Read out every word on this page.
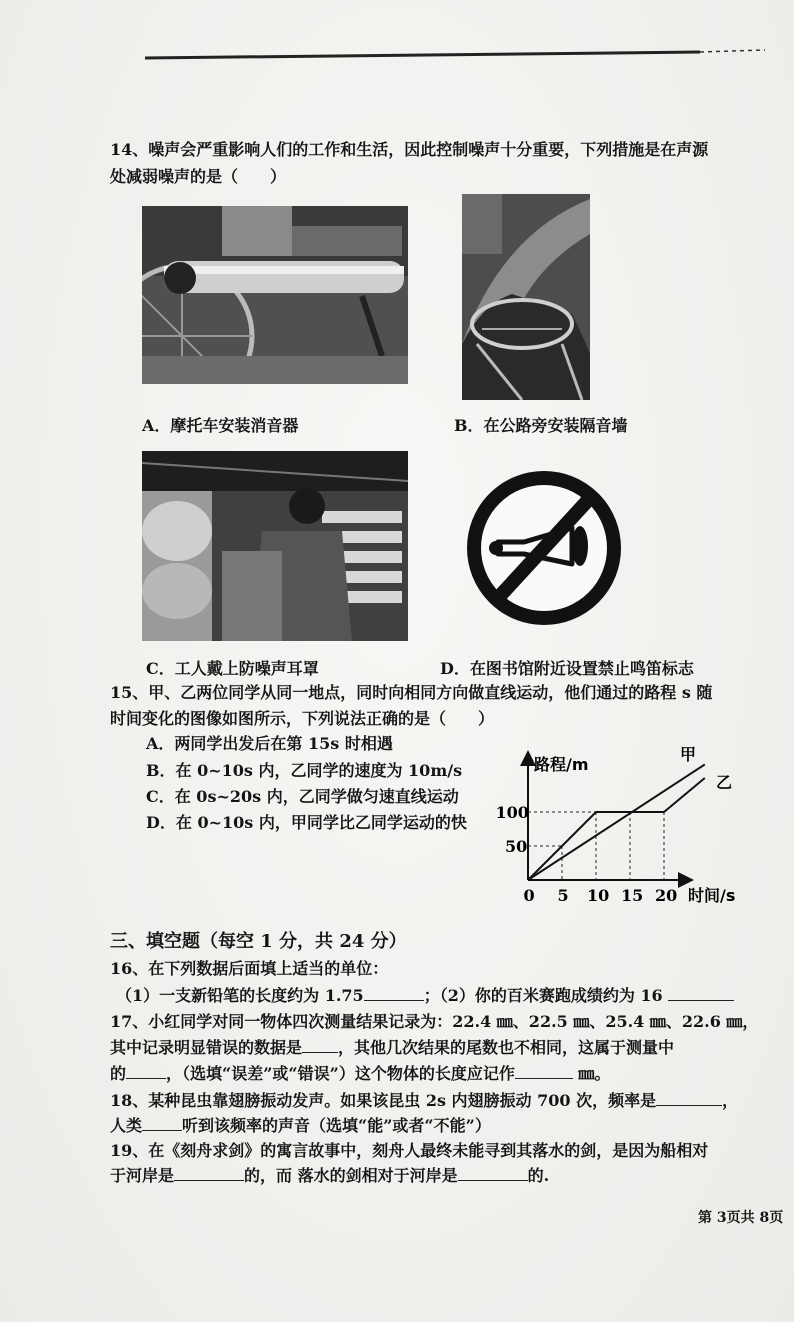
14、噪声会严重影响人们的工作和生活，因此控制噪声十分重要，下列措施是在声源
处减弱噪声的是（　　）
A．摩托车安装消音器	B．在公路旁安装隔音墙
C．工人戴上防噪声耳罩	D．在图书馆附近设置禁止鸣笛标志
15、甲、乙两位同学从同一地点，同时向相同方向做直线运动，他们通过的路程 s 随
时间变化的图像如图所示，下列说法正确的是（　　）
A．两同学出发后在第 15s 时相遇
B．在 0~10s 内，乙同学的速度为 10m/s
C．在 0s~20s 内，乙同学做匀速直线运动
D．在 0~10s 内，甲同学比乙同学运动的快
0 5 10 15 20
50
100
路程/m
时间/s
甲
乙
三、填空题（每空 1 分，共 24 分）
16、在下列数据后面填上适当的单位：
（1）一支新铅笔的长度约为 1.75	；（2）你的百米赛跑成绩约为 16
17、小红同学对同一物体四次测量结果记录为：22.4 ㎜、22.5 ㎜、25.4 ㎜、22.6 ㎜，
其中记录明显错误的数据是 ，其他几次结果的尾数也不相同，这属于测量中
的	，（选填“误差”或“错误”）这个物体的长度应记作	㎜。
18、某种昆虫靠翅膀振动发声。如果该昆虫 2s 内翅膀振动 700 次，频率是	，
人类	听到该频率的声音（选填“能”或者“不能”）
19、在《刻舟求剑》的寓言故事中，刻舟人最终未能寻到其落水的剑，是因为船相对
于河岸是	的，而 落水的剑相对于河岸是	的.
第 3页共 8页
